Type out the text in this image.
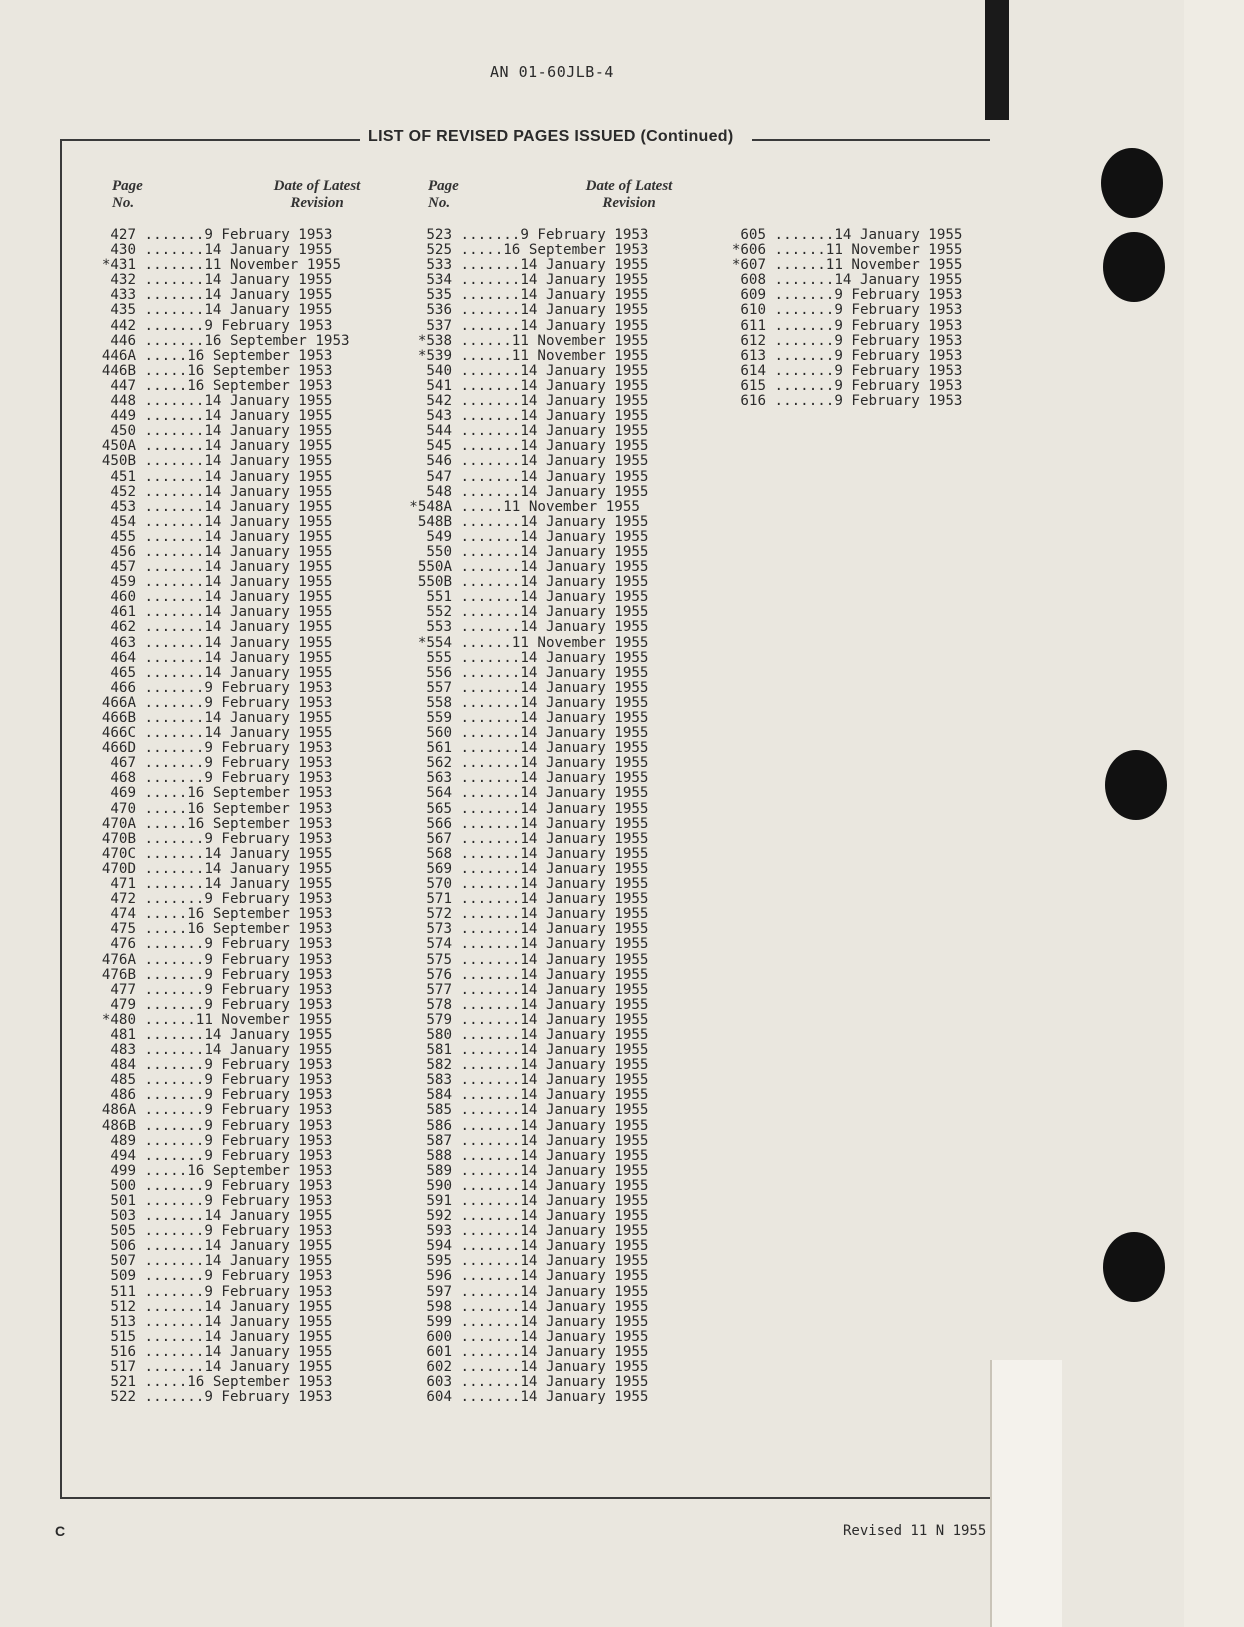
AN 01-60JLB-4
LIST OF REVISED PAGES ISSUED (Continued)
Page
No.
Date of Latest
Revision
Page
No.
Date of Latest
Revision
427 .......9 February 1953
430 .......14 January 1955
*431 .......11 November 1955
432 .......14 January 1955
433 .......14 January 1955
435 .......14 January 1955
442 .......9 February 1953
446 .......16 September 1953
446A .....16 September 1953
446B .....16 September 1953
447 .....16 September 1953
448 .......14 January 1955
449 .......14 January 1955
450 .......14 January 1955
450A .......14 January 1955
450B .......14 January 1955
451 .......14 January 1955
452 .......14 January 1955
453 .......14 January 1955
454 .......14 January 1955
455 .......14 January 1955
456 .......14 January 1955
457 .......14 January 1955
459 .......14 January 1955
460 .......14 January 1955
461 .......14 January 1955
462 .......14 January 1955
463 .......14 January 1955
464 .......14 January 1955
465 .......14 January 1955
466 .......9 February 1953
466A .......9 February 1953
466B .......14 January 1955
466C .......14 January 1955
466D .......9 February 1953
467 .......9 February 1953
468 .......9 February 1953
469 .....16 September 1953
470 .....16 September 1953
470A .....16 September 1953
470B .......9 February 1953
470C .......14 January 1955
470D .......14 January 1955
471 .......14 January 1955
472 .......9 February 1953
474 .....16 September 1953
475 .....16 September 1953
476 .......9 February 1953
476A .......9 February 1953
476B .......9 February 1953
477 .......9 February 1953
479 .......9 February 1953
*480 ......11 November 1955
481 .......14 January 1955
483 .......14 January 1955
484 .......9 February 1953
485 .......9 February 1953
486 .......9 February 1953
486A .......9 February 1953
486B .......9 February 1953
489 .......9 February 1953
494 .......9 February 1953
499 .....16 September 1953
500 .......9 February 1953
501 .......9 February 1953
503 .......14 January 1955
505 .......9 February 1953
506 .......14 January 1955
507 .......14 January 1955
509 .......9 February 1953
511 .......9 February 1953
512 .......14 January 1955
513 .......14 January 1955
515 .......14 January 1955
516 .......14 January 1955
517 .......14 January 1955
521 .....16 September 1953
522 .......9 February 1953
523 .......9 February 1953
525 .....16 September 1953
533 .......14 January 1955
534 .......14 January 1955
535 .......14 January 1955
536 .......14 January 1955
537 .......14 January 1955
*538 ......11 November 1955
*539 ......11 November 1955
540 .......14 January 1955
541 .......14 January 1955
542 .......14 January 1955
543 .......14 January 1955
544 .......14 January 1955
545 .......14 January 1955
546 .......14 January 1955
547 .......14 January 1955
548 .......14 January 1955
*548A .....11 November 1955
548B .......14 January 1955
549 .......14 January 1955
550 .......14 January 1955
550A .......14 January 1955
550B .......14 January 1955
551 .......14 January 1955
552 .......14 January 1955
553 .......14 January 1955
*554 ......11 November 1955
555 .......14 January 1955
556 .......14 January 1955
557 .......14 January 1955
558 .......14 January 1955
559 .......14 January 1955
560 .......14 January 1955
561 .......14 January 1955
562 .......14 January 1955
563 .......14 January 1955
564 .......14 January 1955
565 .......14 January 1955
566 .......14 January 1955
567 .......14 January 1955
568 .......14 January 1955
569 .......14 January 1955
570 .......14 January 1955
571 .......14 January 1955
572 .......14 January 1955
573 .......14 January 1955
574 .......14 January 1955
575 .......14 January 1955
576 .......14 January 1955
577 .......14 January 1955
578 .......14 January 1955
579 .......14 January 1955
580 .......14 January 1955
581 .......14 January 1955
582 .......14 January 1955
583 .......14 January 1955
584 .......14 January 1955
585 .......14 January 1955
586 .......14 January 1955
587 .......14 January 1955
588 .......14 January 1955
589 .......14 January 1955
590 .......14 January 1955
591 .......14 January 1955
592 .......14 January 1955
593 .......14 January 1955
594 .......14 January 1955
595 .......14 January 1955
596 .......14 January 1955
597 .......14 January 1955
598 .......14 January 1955
599 .......14 January 1955
600 .......14 January 1955
601 .......14 January 1955
602 .......14 January 1955
603 .......14 January 1955
604 .......14 January 1955
605 .......14 January 1955
*606 ......11 November 1955
*607 ......11 November 1955
608 .......14 January 1955
609 .......9 February 1953
610 .......9 February 1953
611 .......9 February 1953
612 .......9 February 1953
613 .......9 February 1953
614 .......9 February 1953
615 .......9 February 1953
616 .......9 February 1953
C	Revised 11 N 1955
